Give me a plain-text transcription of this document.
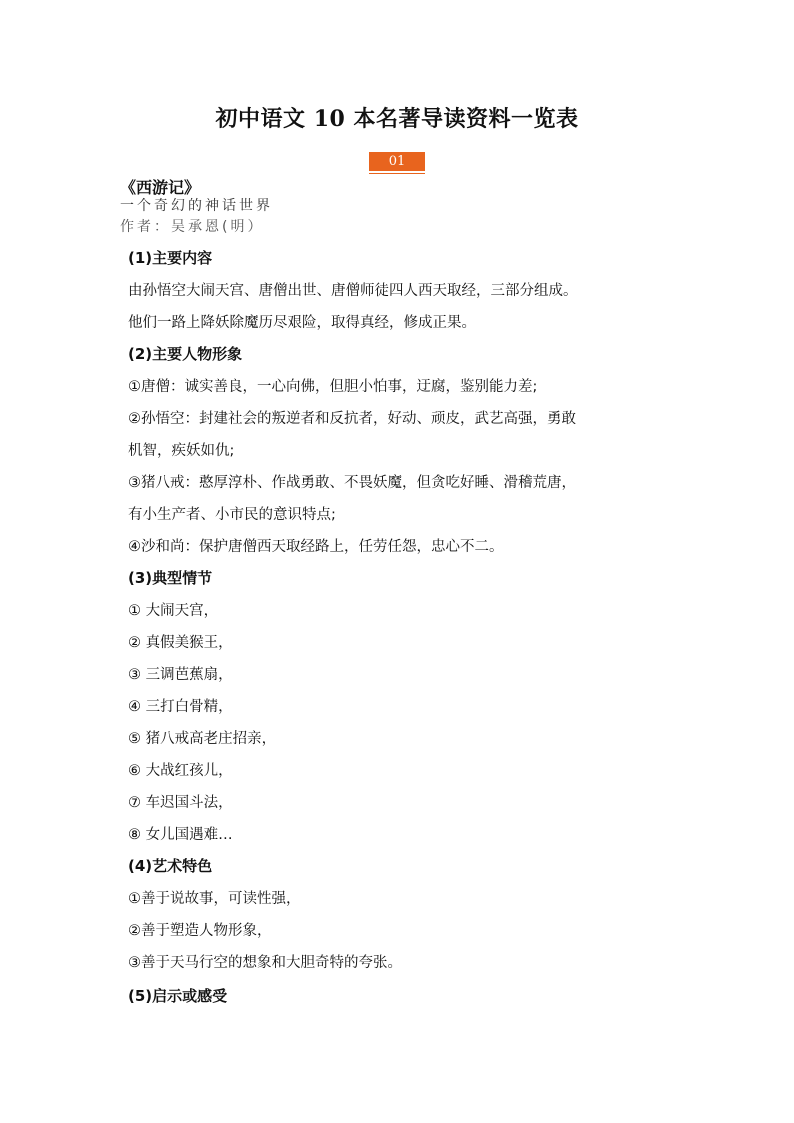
初中语文 10 本名著导读资料一览表
01
《西游记》
一个奇幻的神话世界
作者：吴承恩(明）
(1)主要内容
由孙悟空大闹天宫、唐僧出世、唐僧师徒四人西天取经，三部分组成。
他们一路上降妖除魔历尽艰险，取得真经，修成正果。
(2)主要人物形象
①唐僧：诚实善良，一心向佛，但胆小怕事，迂腐，鉴别能力差;
②孙悟空：封建社会的叛逆者和反抗者，好动、顽皮，武艺高强，勇敢
机智，疾妖如仇;
③猪八戒：憨厚淳朴、作战勇敢、不畏妖魔，但贪吃好睡、滑稽荒唐，
有小生产者、小市民的意识特点;
④沙和尚：保护唐僧西天取经路上，任劳任怨，忠心不二。
(3)典型情节
① 大闹天宫，
② 真假美猴王，
③ 三调芭蕉扇，
④ 三打白骨精，
⑤ 猪八戒高老庄招亲，
⑥ 大战红孩儿，
⑦ 车迟国斗法，
⑧ 女儿国遇难…
(4)艺术特色
①善于说故事，可读性强，
②善于塑造人物形象，
③善于天马行空的想象和大胆奇特的夸张。
(5)启示或感受
